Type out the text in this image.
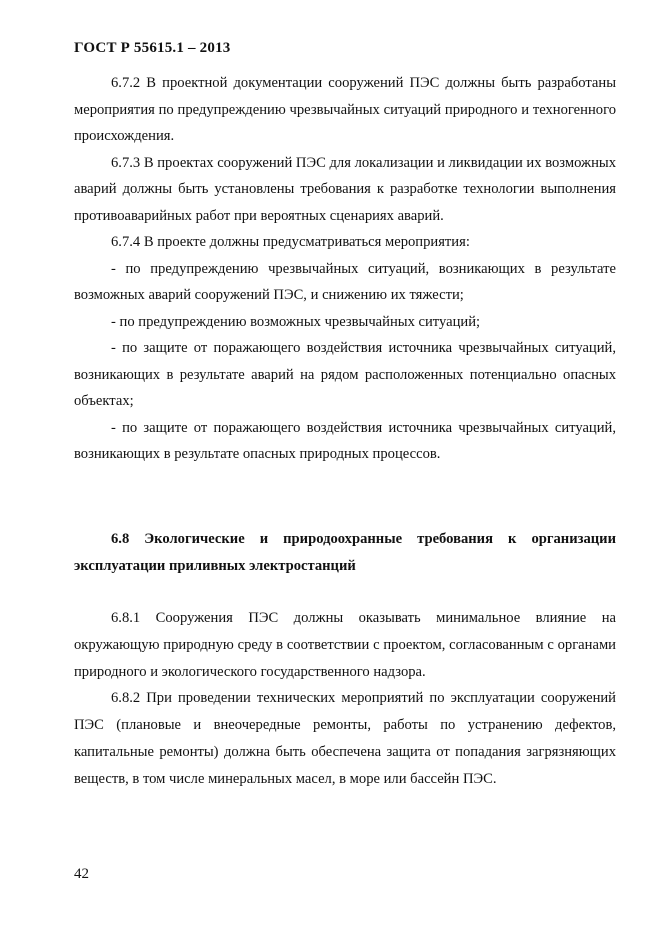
ГОСТ Р 55615.1 – 2013

6.7.2 В проектной документации сооружений ПЭС должны быть разработаны мероприятия по предупреждению чрезвычайных ситуаций природного и техногенного происхождения.

6.7.3 В проектах сооружений ПЭС для локализации и ликвидации их возможных аварий должны быть установлены требования к разработке технологии выполнения противоаварийных работ при вероятных сценариях аварий.

6.7.4 В проекте должны предусматриваться мероприятия:

- по предупреждению чрезвычайных ситуаций, возникающих в результате возможных аварий сооружений ПЭС, и снижению их тяжести;

- по предупреждению возможных чрезвычайных ситуаций;

- по защите от поражающего воздействия источника чрезвычайных ситуаций, возникающих в результате аварий на рядом расположенных потенциально опасных объектах;

- по защите от поражающего воздействия источника чрезвычайных ситуаций, возникающих в результате опасных природных процессов.

6.8 Экологические и природоохранные требования к организации эксплуатации приливных электростанций

6.8.1 Сооружения ПЭС должны оказывать минимальное влияние на окружающую природную среду в соответствии с проектом, согласованным с органами природного и экологического государственного надзора.

6.8.2 При проведении технических мероприятий по эксплуатации сооружений ПЭС (плановые и внеочередные ремонты, работы по устранению дефектов, капитальные ремонты) должна быть обеспечена защита от попадания загрязняющих веществ, в том числе минеральных масел, в море или бассейн ПЭС.

42
